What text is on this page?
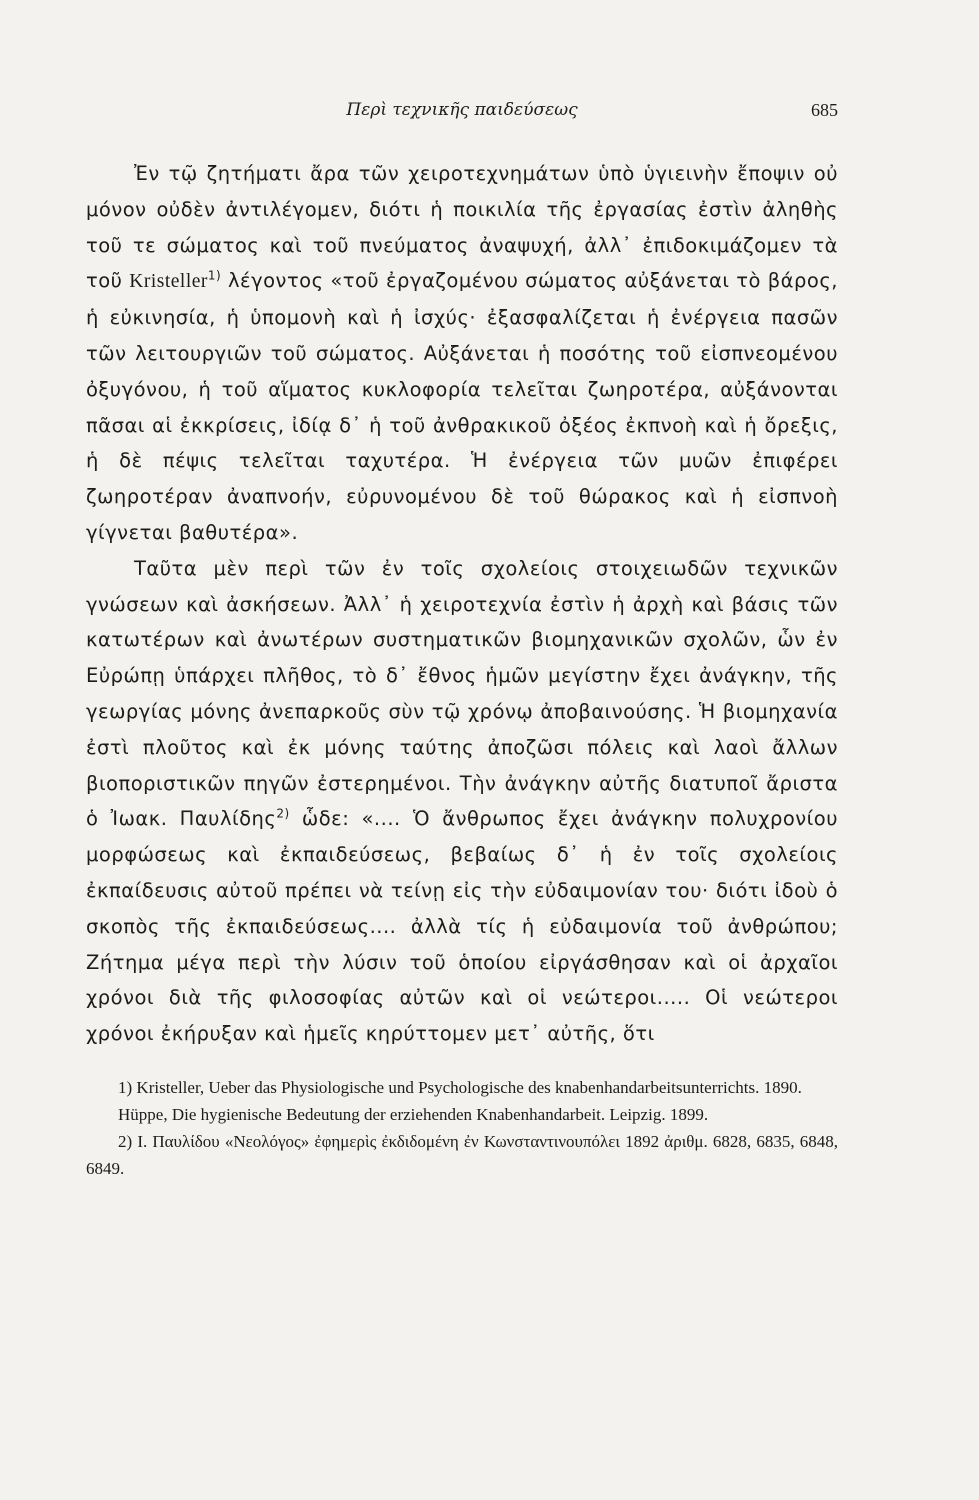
Περὶ τεχνικῆς παιδεύσεως	685

Ἐν τῷ ζητήματι ἄρα τῶν χειροτεχνημάτων ὑπὸ ὑγιεινὴν ἔποψιν οὐ μόνον οὐδὲν ἀντιλέγομεν, διότι ἡ ποικιλία τῆς ἐργασίας ἐστὶν ἀληθὴς τοῦ τε σώματος καὶ τοῦ πνεύματος ἀναψυχή, ἀλλ᾽ ἐπιδοκιμάζομεν τὰ τοῦ Kristeller$^{1)}$ λέγοντος «τοῦ ἐργαζομένου σώματος αὐξάνεται τὸ βάρος, ἡ εὐκινησία, ἡ ὑπομονὴ καὶ ἡ ἰσχύς· ἐξασφαλίζεται ἡ ἐνέργεια πασῶν τῶν λειτουργιῶν τοῦ σώματος. Αὐξάνεται ἡ ποσότης τοῦ εἰσπνεομένου ὀξυγόνου, ἡ τοῦ αἵματος κυκλοφορία τελεῖται ζωηροτέρα, αὐξάνονται πᾶσαι αἱ ἐκκρίσεις, ἰδίᾳ δ᾽ ἡ τοῦ ἀνθρακικοῦ ὀξέος ἐκπνοὴ καὶ ἡ ὄρεξις, ἡ δὲ πέψις τελεῖται ταχυτέρα. Ἡ ἐνέργεια τῶν μυῶν ἐπιφέρει ζωηροτέραν ἀναπνοήν, εὐρυνομένου δὲ τοῦ θώρακος καὶ ἡ εἰσπνοὴ γίγνεται βαθυτέρα».

Ταῦτα μὲν περὶ τῶν ἐν τοῖς σχολείοις στοιχειωδῶν τεχνικῶν γνώσεων καὶ ἀσκήσεων. Ἀλλ᾽ ἡ χειροτεχνία ἐστὶν ἡ ἀρχὴ καὶ βάσις τῶν κατωτέρων καὶ ἀνωτέρων συστηματικῶν βιομηχανικῶν σχολῶν, ὧν ἐν Εὐρώπῃ ὑπάρχει πλῆθος, τὸ δ᾽ ἔθνος ἡμῶν μεγίστην ἔχει ἀνάγκην, τῆς γεωργίας μόνης ἀνεπαρκοῦς σὺν τῷ χρόνῳ ἀποβαινούσης. Ἡ βιομηχανία ἐστὶ πλοῦτος καὶ ἐκ μόνης ταύτης ἀποζῶσι πόλεις καὶ λαοὶ ἄλλων βιοποριστικῶν πηγῶν ἐστερημένοι. Τὴν ἀνάγκην αὐτῆς διατυποῖ ἄριστα ὁ Ἰωακ. Παυλίδης$^{2)}$ ὧδε: «.... Ὁ ἄνθρωπος ἔχει ἀνάγκην πολυχρονίου μορφώσεως καὶ ἐκπαιδεύσεως, βεβαίως δ᾽ ἡ ἐν τοῖς σχολείοις ἐκπαίδευσις αὐτοῦ πρέπει νὰ τείνῃ εἰς τὴν εὐδαιμονίαν του· διότι ἰδοὺ ὁ σκοπὸς τῆς ἐκπαιδεύσεως.... ἀλλὰ τίς ἡ εὐδαιμονία τοῦ ἀνθρώπου; Ζήτημα μέγα περὶ τὴν λύσιν τοῦ ὁποίου εἰργάσθησαν καὶ οἱ ἀρχαῖοι χρόνοι διὰ τῆς φιλοσοφίας αὐτῶν καὶ οἱ νεώτεροι..... Οἱ νεώτεροι χρόνοι ἐκήρυξαν καὶ ἡμεῖς κηρύττομεν μετ᾽ αὐτῆς, ὅτι

1) Kristeller, Ueber das Physiologische und Psychologische des knabenhandarbeitsunterrichts. 1890.

Hüppe, Die hygienische Bedeutung der erziehenden Knabenhandarbeit. Leipzig. 1899.

2) Ι. Παυλίδου «Νεολόγος» ἐφημερὶς ἐκδιδομένη ἐν Κωνσταντινουπόλει 1892 ἀριθμ. 6828, 6835, 6848, 6849.
